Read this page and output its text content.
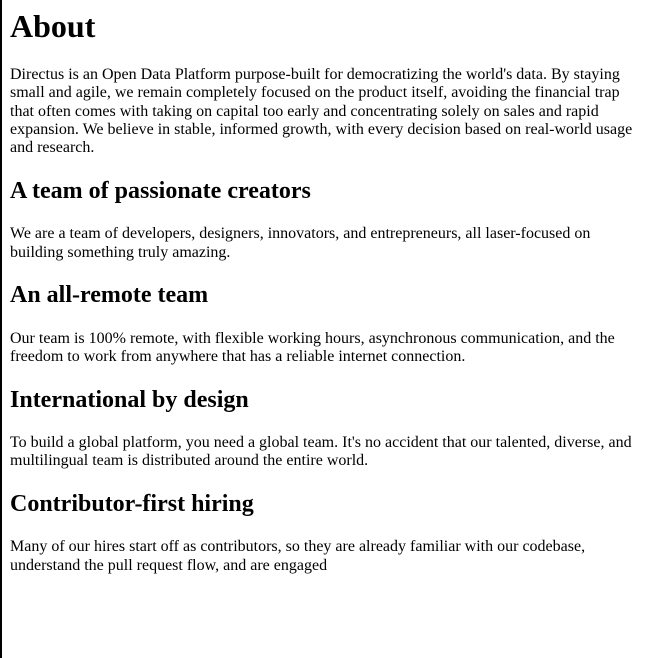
About

Directus is an Open Data Platform purpose-built for democratizing the world's data. By staying small and agile, we remain completely focused on the product itself, avoiding the financial trap that often comes with taking on capital too early and concentrating solely on sales and rapid expansion. We believe in stable, informed growth, with every decision based on real-world usage and research.

A team of passionate creators

We are a team of developers, designers, innovators, and entrepreneurs, all laser-focused on building something truly amazing.

An all-remote team

Our team is 100% remote, with flexible working hours, asynchronous communication, and the freedom to work from anywhere that has a reliable internet connection.

International by design

To build a global platform, you need a global team. It's no accident that our talented, diverse, and multilingual team is distributed around the entire world.

Contributor-first hiring

Many of our hires start off as contributors, so they are already familiar with our codebase, understand the pull request flow, and are engaged
